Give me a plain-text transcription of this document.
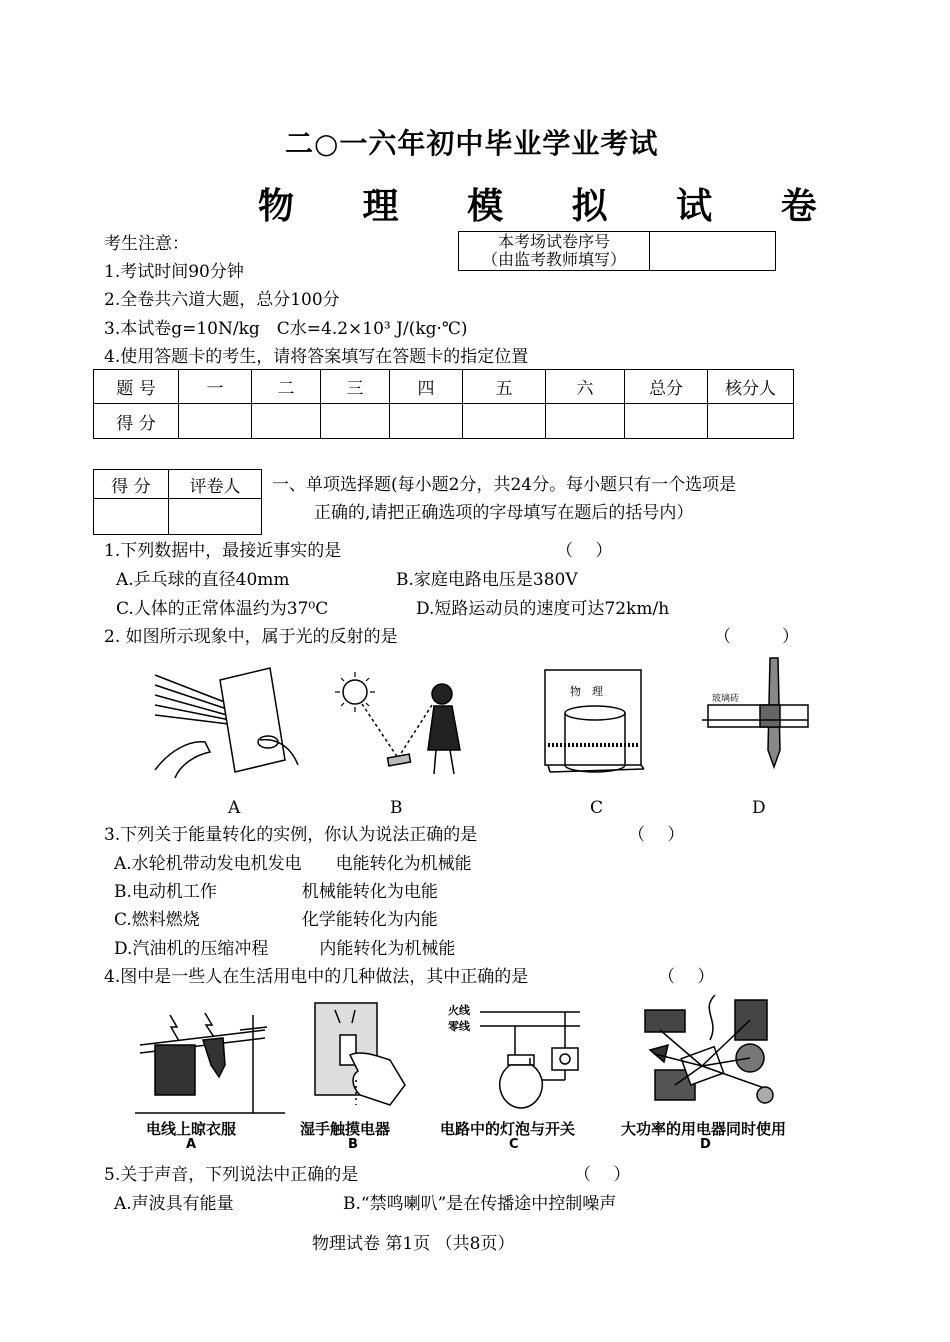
二○一六年初中毕业学业考试
物 理 模 拟 试 卷
考生注意：
1.考试时间90分钟
2.全卷共六道大题，总分100分
3.本试卷g=10N/kg　C水=4.2×10³ J/(kg·℃)
4.使用答题卡的考生，请将答案填写在答题卡的指定位置
本考场试卷序号
（由监考教师填写）

题 号	一	二	三	四	五	六	总分	核分人
得 分								
得 分	评卷人
	一、单项选择题(每小题2分，共24分。每小题只有一个选项是
正确的,请把正确选项的字母填写在题后的括号内）
1.下列数据中，最接近事实的是	（　 ）
A.乒乓球的直径40mm	B.家庭电路电压是380V
C.人体的正常体温约为37⁰C	D.短路运动员的速度可达72km/h
2. 如图所示现象中，属于光的反射的是	（　　　）
物　理
玻璃砖
A	B	C	D
3.下列关于能量转化的实例，你认为说法正确的是	（　 ）
A.水轮机带动发电机发电　　电能转化为机械能
B.电动机工作　　　　　机械能转化为电能
C.燃料燃烧　　　　　　化学能转化为内能
D.汽油机的压缩冲程　　　内能转化为机械能
4.图中是一些人在生活用电中的几种做法，其中正确的是	（　 ）
火线
零线
电线上晾衣服	湿手触摸电器	电路中的灯泡与开关	大功率的用电器同时使用
A	B	C	D
5.关于声音，下列说法中正确的是	（　 ）
A.声波具有能量	B.“禁鸣喇叭”是在传播途中控制噪声
物理试卷 第1页 （共8页）
